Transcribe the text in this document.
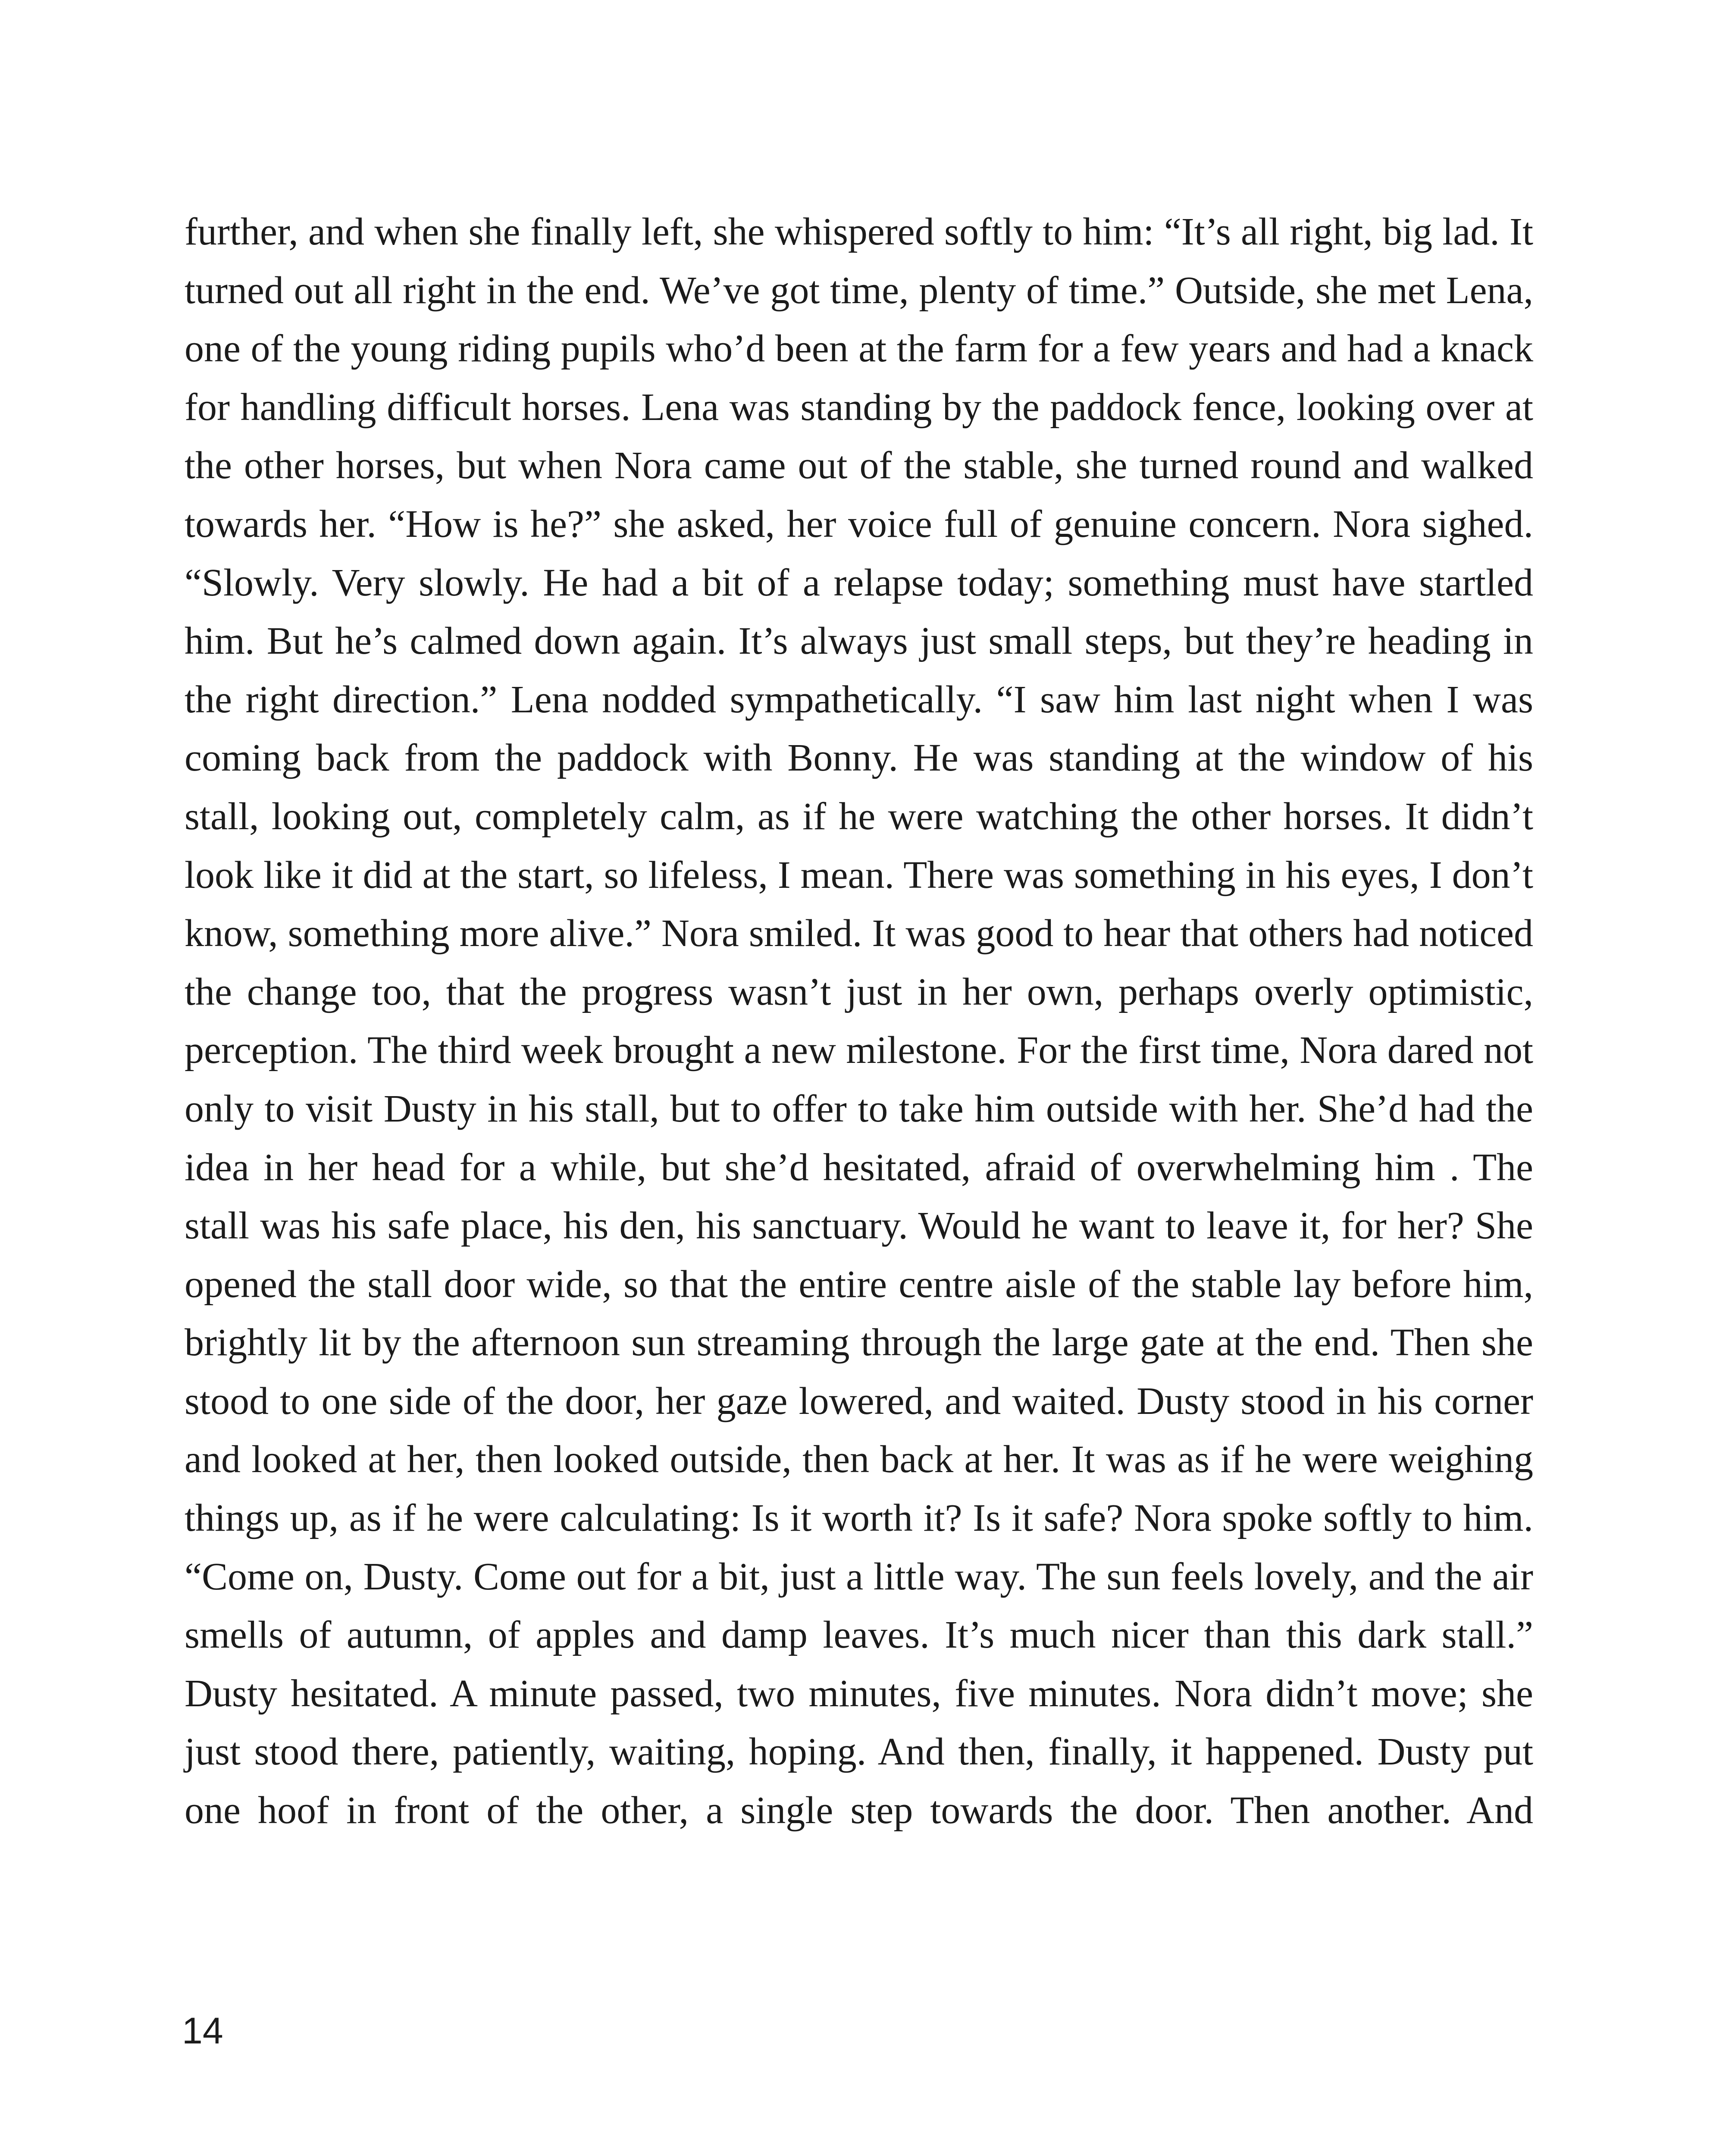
further, and when she finally left, she whispered softly to him: “It’s all right, big lad. It turned out all right in the end. We’ve got time, plenty of time.” Outside, she met Lena, one of the young riding pupils who’d been at the farm for a few years and had a knack for handling difficult horses. Lena was standing by the paddock fence, looking over at the other horses, but when Nora came out of the stable, she turned round and walked towards her. “How is he?” she asked, her voice full of genuine concern. Nora sighed. “Slowly. Very slowly. He had a bit of a relapse today; something must have startled him. But he’s calmed down again. It’s always just small steps, but they’re heading in the right direction.” Lena nodded sympathetically. “I saw him last night when I was coming back from the paddock with Bonny. He was standing at the window of his stall, looking out, completely calm, as if he were watching the other horses. It didn’t look like it did at the start, so lifeless, I mean. There was something in his eyes, I don’t know, something more alive.” Nora smiled. It was good to hear that others had noticed the change too, that the progress wasn’t just in her own, perhaps overly optimistic, perception. The third week brought a new milestone. For the first time, Nora dared not only to visit Dusty in his stall, but to offer to take him outside with her. She’d had the idea in her head for a while, but she’d hesitated, afraid of overwhelming him . The stall was his safe place, his den, his sanctuary. Would he want to leave it, for her? She opened the stall door wide, so that the entire centre aisle of the stable lay before him, brightly lit by the afternoon sun streaming through the large gate at the end. Then she stood to one side of the door, her gaze lowered, and waited. Dusty stood in his corner and looked at her, then looked outside, then back at her. It was as if he were weighing things up, as if he were calculating: Is it worth it? Is it safe? Nora spoke softly to him. “Come on, Dusty. Come out for a bit, just a little way. The sun feels lovely, and the air smells of autumn, of apples and damp leaves. It’s much nicer than this dark stall.” Dusty hesitated. A minute passed, two minutes, five minutes. Nora didn’t move; she just stood there, patiently, waiting, hoping. And then, finally, it happened. Dusty put one hoof in front of the other, a single step towards the door. Then another. And

14
